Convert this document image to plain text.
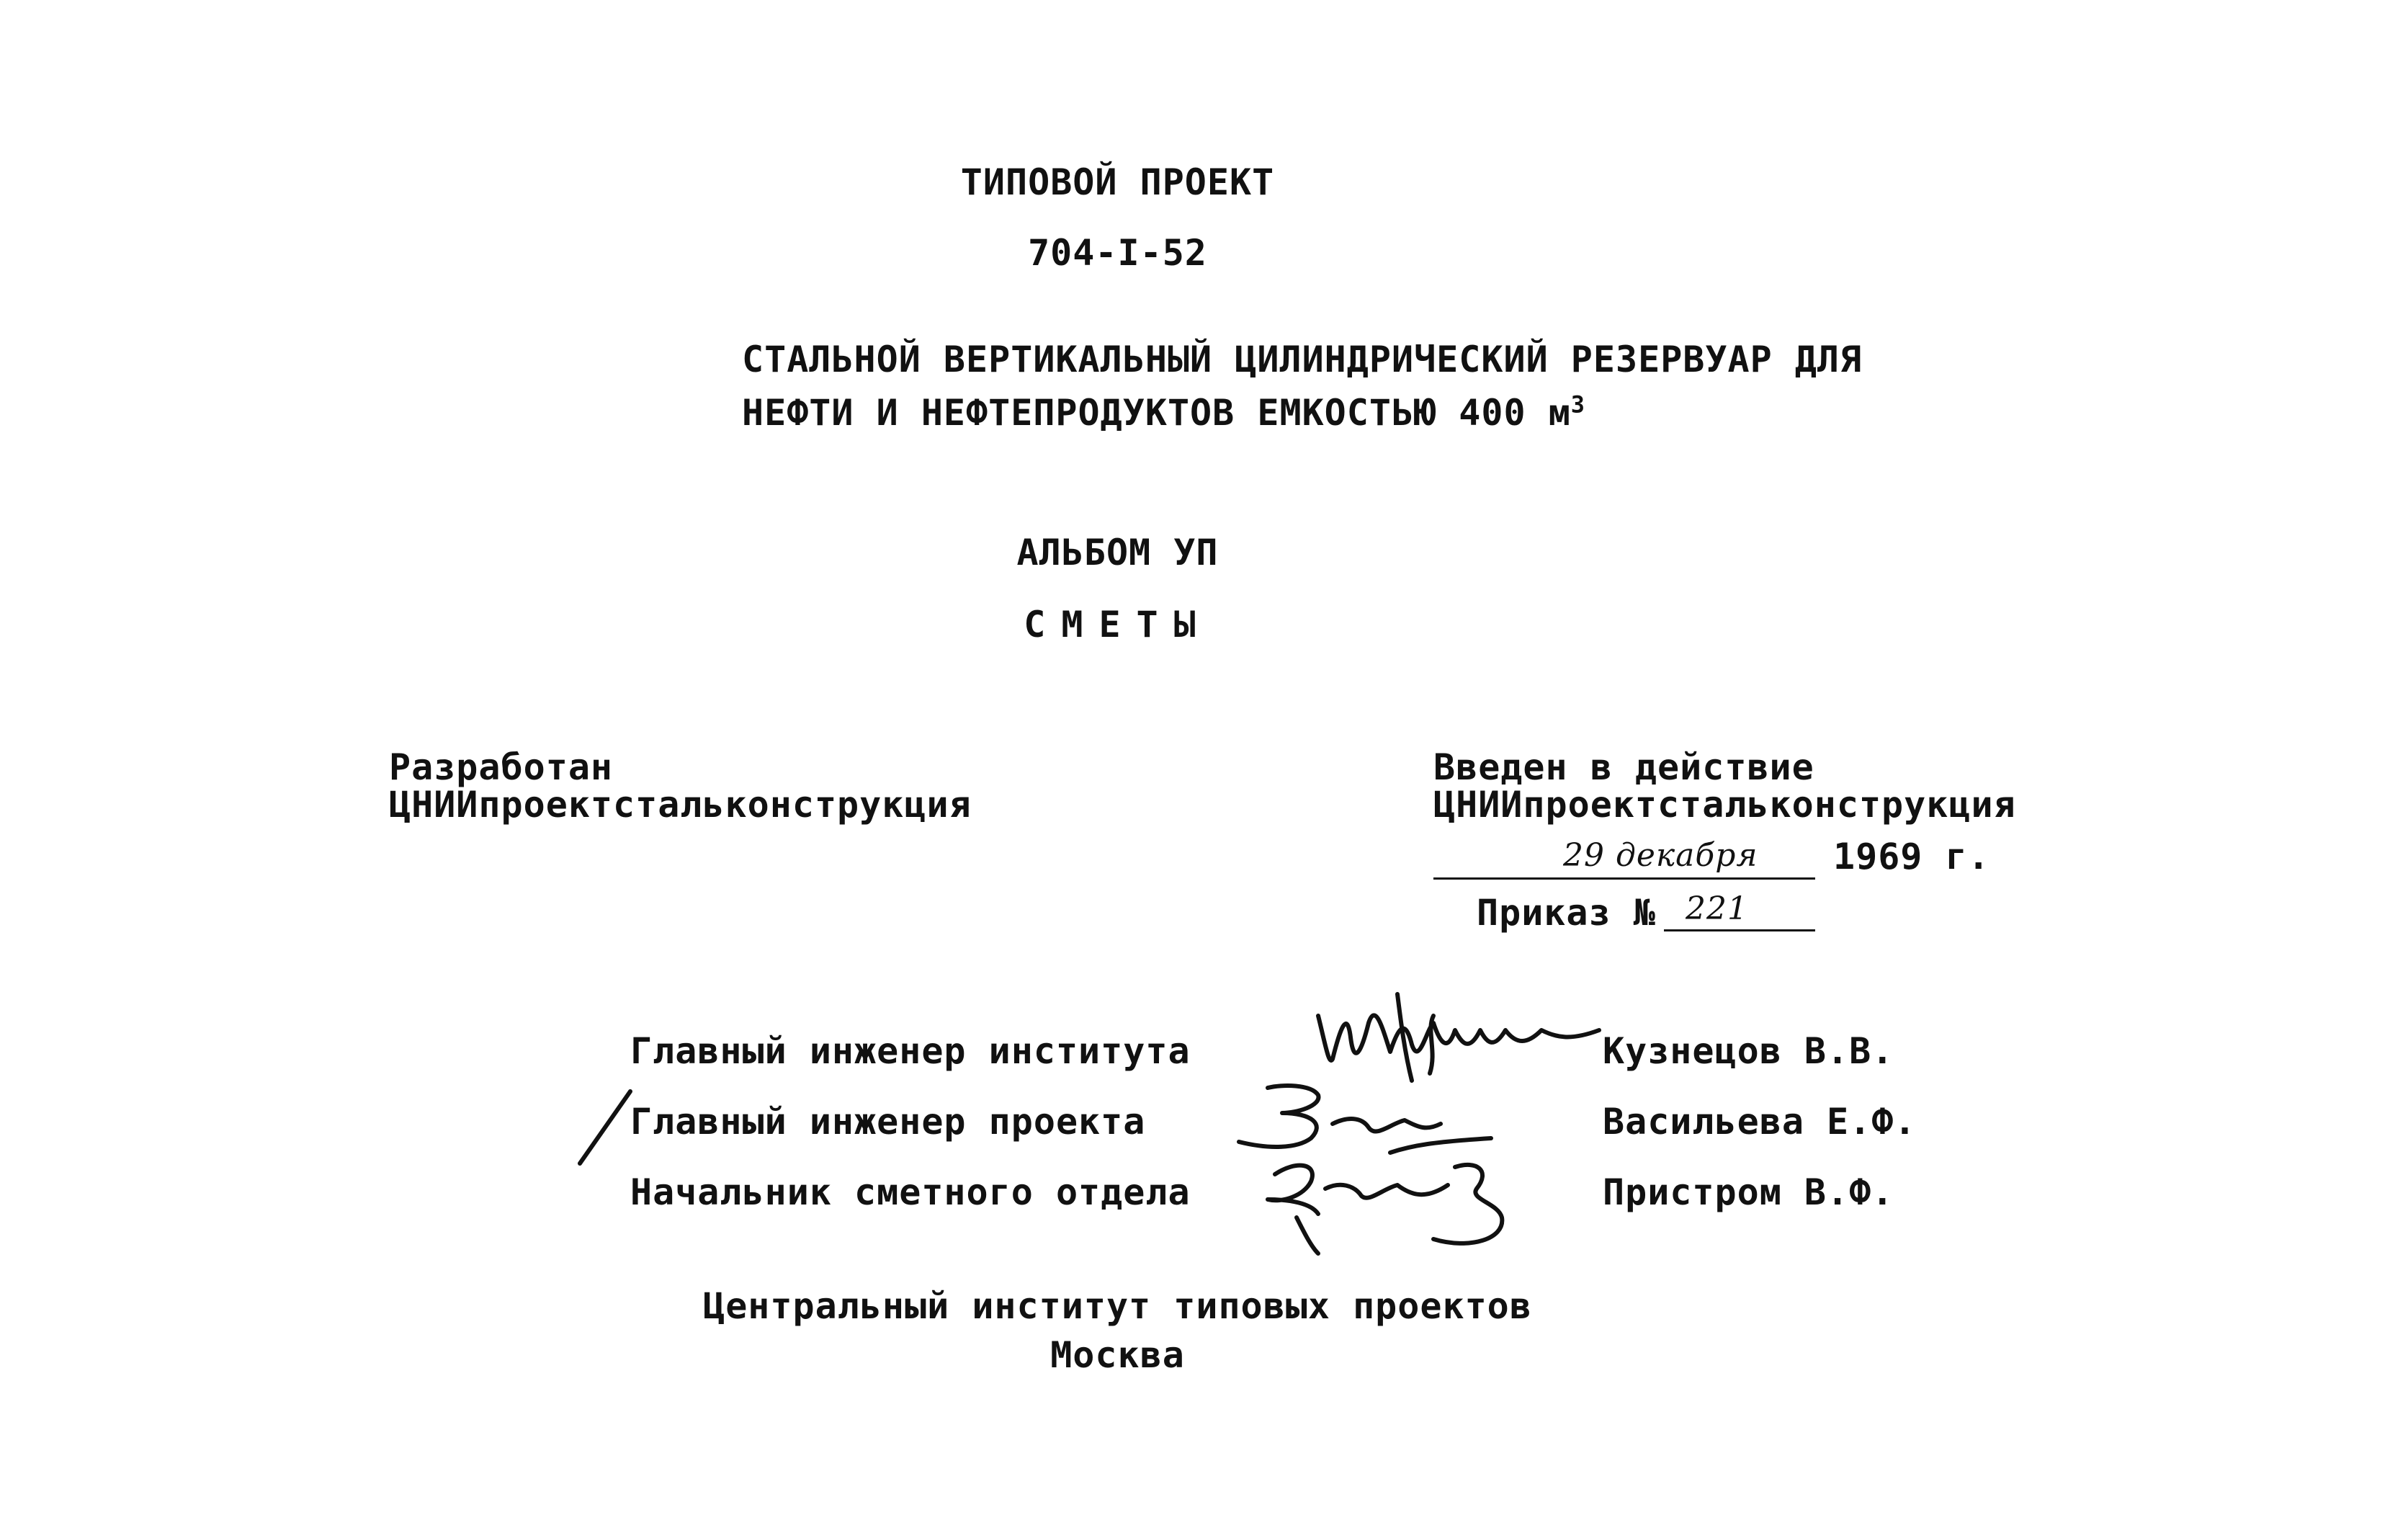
ТИПОВОЙ ПРОЕКТ
704-I-52
СТАЛЬНОЙ ВЕРТИКАЛЬНЫЙ ЦИЛИНДРИЧЕСКИЙ РЕЗЕРВУАР ДЛЯ
НЕФТИ И НЕФТЕПРОДУКТОВ ЕМКОСТЬЮ 400 $м^3$
АЛЬБОМ УП
СМЕТЫ
Разработан
ЦНИИпроектстальконструкция
Введен в действие
ЦНИИпроектстальконструкция
29 декабря 1969 г.
Приказ № 221
Главный инженер института	Кузнецов В.В.
Главный инженер проекта	Васильева Е.Ф.
Начальник сметного отдела	Пристром В.Ф.
Центральный институт типовых проектов
Москва
